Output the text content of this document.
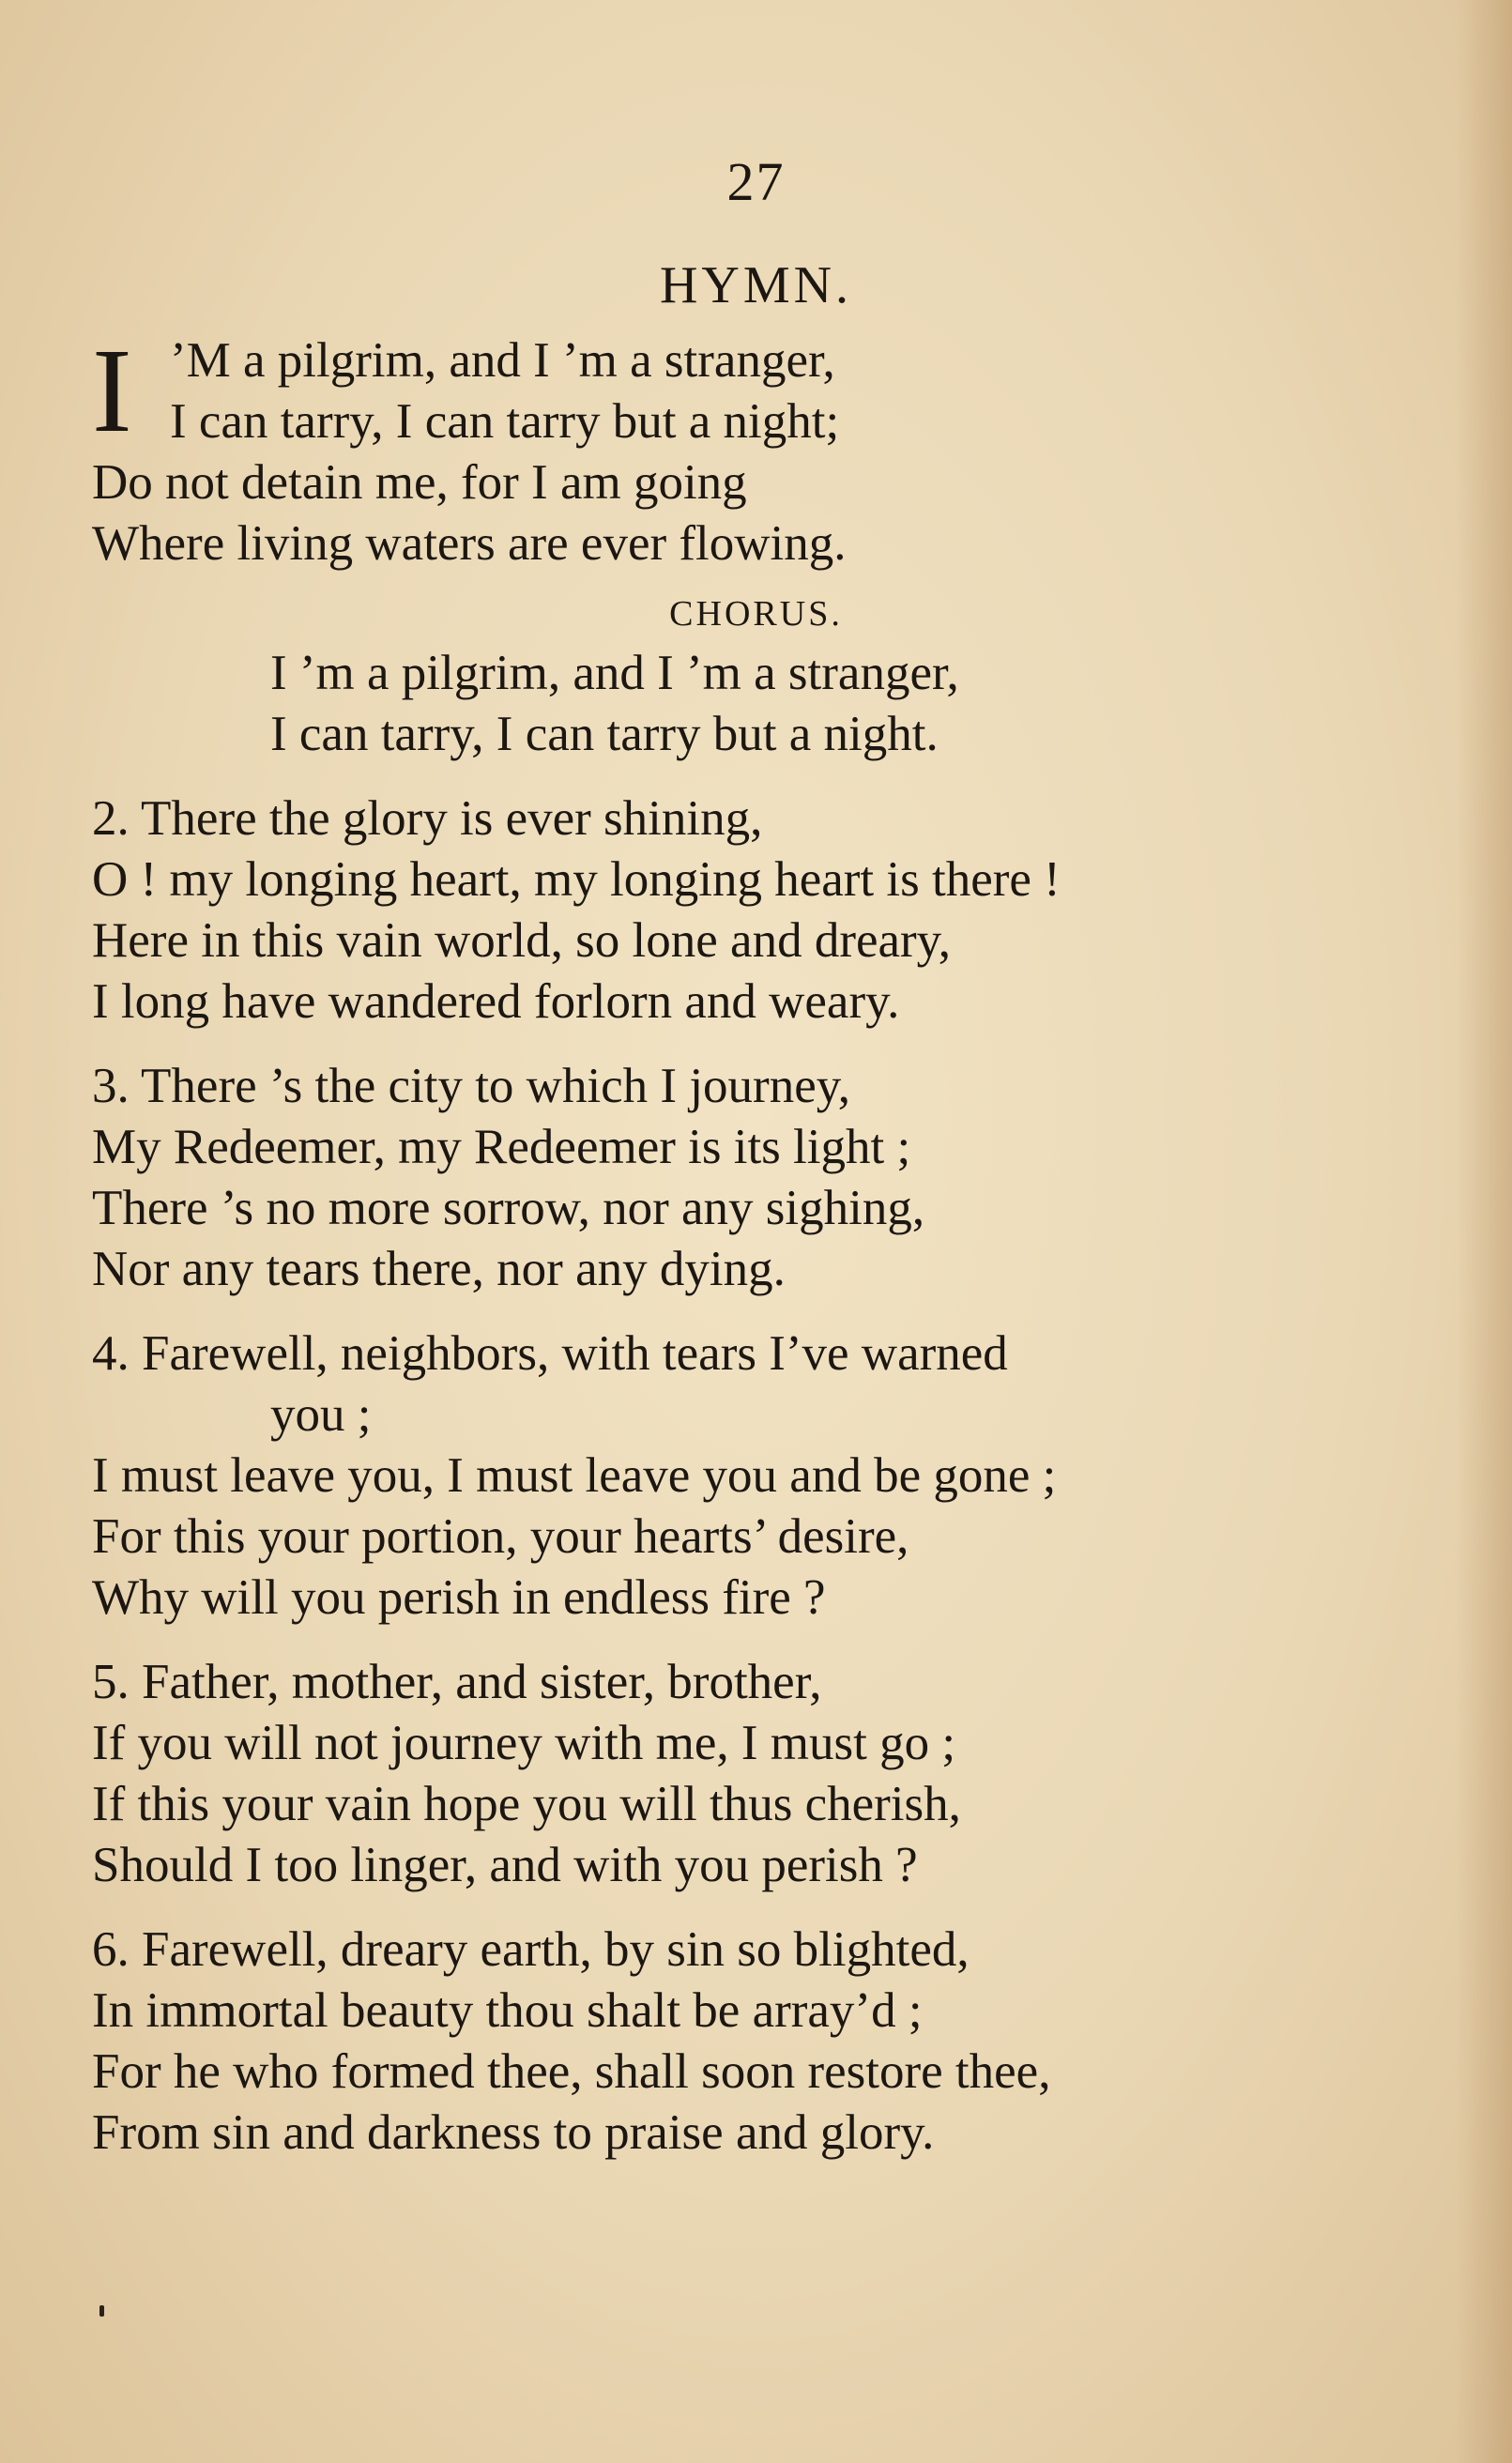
27
HYMN.
I ’M a pilgrim, and I ’m a stranger,
I can tarry, I can tarry but a night;
Do not detain me, for I am going
Where living waters are ever flowing.
CHORUS.
I ’m a pilgrim, and I ’m a stranger,
I can tarry, I can tarry but a night.
2. There the glory is ever shining,
O ! my longing heart, my longing heart is there !
Here in this vain world, so lone and dreary,
I long have wandered forlorn and weary.
3. There ’s the city to which I journey,
My Redeemer, my Redeemer is its light ;
There ’s no more sorrow, nor any sighing,
Nor any tears there, nor any dying.
4. Farewell, neighbors, with tears I’ve warned
you ;
I must leave you, I must leave you and be gone ;
For this your portion, your hearts’ desire,
Why will you perish in endless fire ?
5. Father, mother, and sister, brother,
If you will not journey with me, I must go ;
If this your vain hope you will thus cherish,
Should I too linger, and with you perish ?
6. Farewell, dreary earth, by sin so blighted,
In immortal beauty thou shalt be array’d ;
For he who formed thee, shall soon restore thee,
From sin and darkness to praise and glory.
